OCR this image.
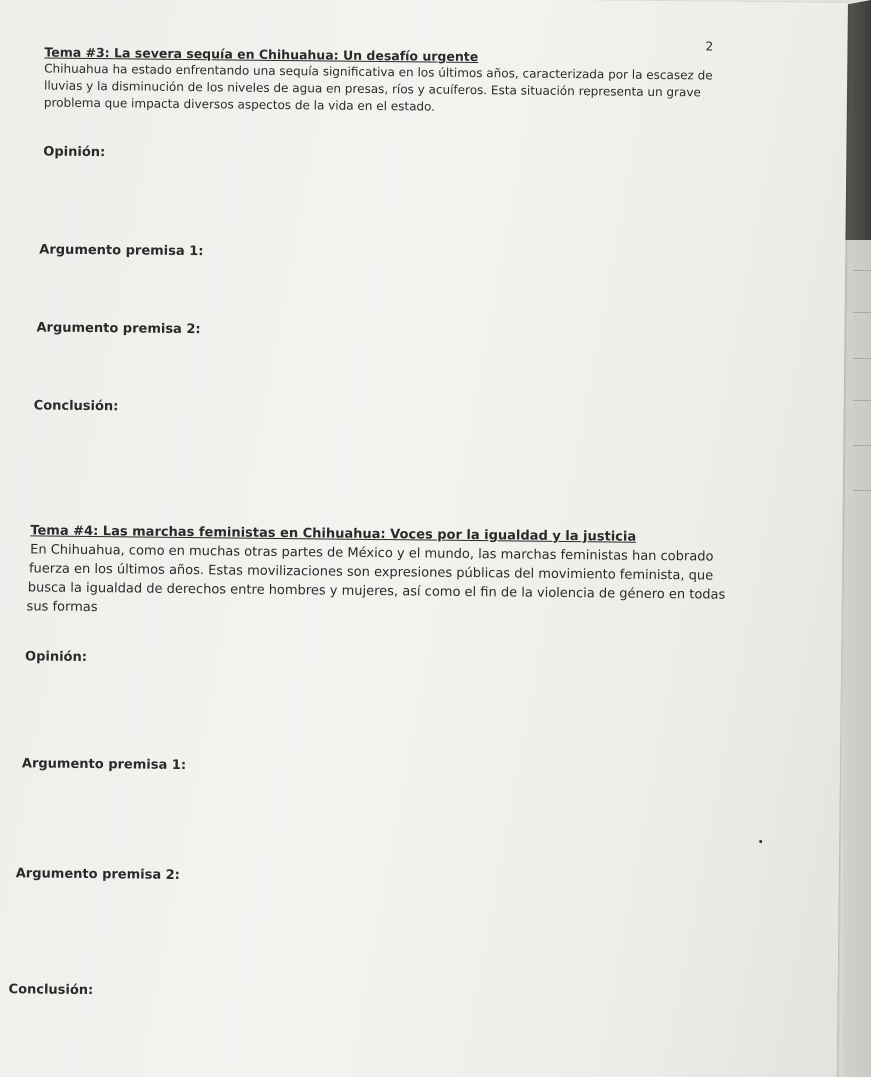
2
Tema #3: La severa sequía en Chihuahua: Un desafío urgente
Chihuahua ha estado enfrentando una sequía significativa en los últimos años, caracterizada por la escasez de
lluvias y la disminución de los niveles de agua en presas, ríos y acuíferos. Esta situación representa un grave
problema que impacta diversos aspectos de la vida en el estado.
Opinión:
Argumento premisa 1:
Argumento premisa 2:
Conclusión:
Tema #4: Las marchas feministas en Chihuahua: Voces por la igualdad y la justicia
En Chihuahua, como en muchas otras partes de México y el mundo, las marchas feministas han cobrado
fuerza en los últimos años. Estas movilizaciones son expresiones públicas del movimiento feminista, que
busca la igualdad de derechos entre hombres y mujeres, así como el fin de la violencia de género en todas
sus formas
Opinión:
Argumento premisa 1:
Argumento premisa 2:
Conclusión:
